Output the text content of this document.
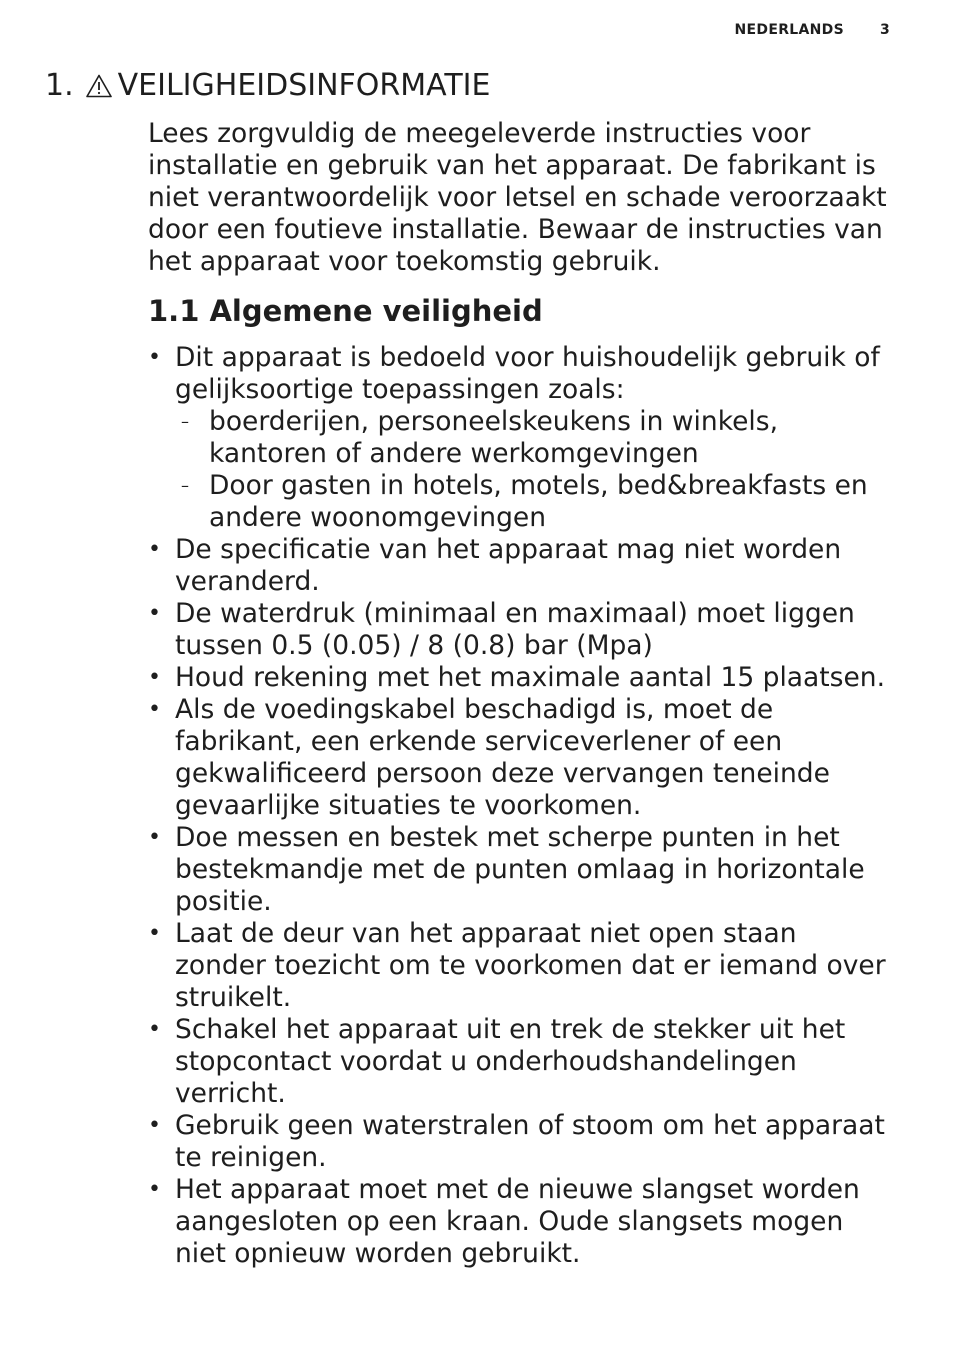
NEDERLANDS	3
1. VEILIGHEIDSINFORMATIE

Lees zorgvuldig de meegeleverde instructies voor installatie en gebruik van het apparaat. De fabrikant is niet verantwoordelijk voor letsel en schade veroorzaakt door een foutieve installatie. Bewaar de instructies van het apparaat voor toekomstig gebruik.

1.1 Algemene veiligheid
• Dit apparaat is bedoeld voor huishoudelijk gebruik of gelijksoortige toepassingen zoals:
– boerderijen, personeelskeukens in winkels, kantoren of andere werkomgevingen
– Door gasten in hotels, motels, bed&breakfasts en andere woonomgevingen
• De specificatie van het apparaat mag niet worden veranderd.
• De waterdruk (minimaal en maximaal) moet liggen tussen 0.5 (0.05) / 8 (0.8) bar (Mpa)
• Houd rekening met het maximale aantal 15 plaatsen.
• Als de voedingskabel beschadigd is, moet de fabrikant, een erkende serviceverlener of een gekwalificeerd persoon deze vervangen teneinde gevaarlijke situaties te voorkomen.
• Doe messen en bestek met scherpe punten in het bestekmandje met de punten omlaag in horizontale positie.
• Laat de deur van het apparaat niet open staan zonder toezicht om te voorkomen dat er iemand over struikelt.
• Schakel het apparaat uit en trek de stekker uit het stopcontact voordat u onderhoudshandelingen verricht.
• Gebruik geen waterstralen of stoom om het apparaat te reinigen.
• Het apparaat moet met de nieuwe slangset worden aangesloten op een kraan. Oude slangsets mogen niet opnieuw worden gebruikt.
